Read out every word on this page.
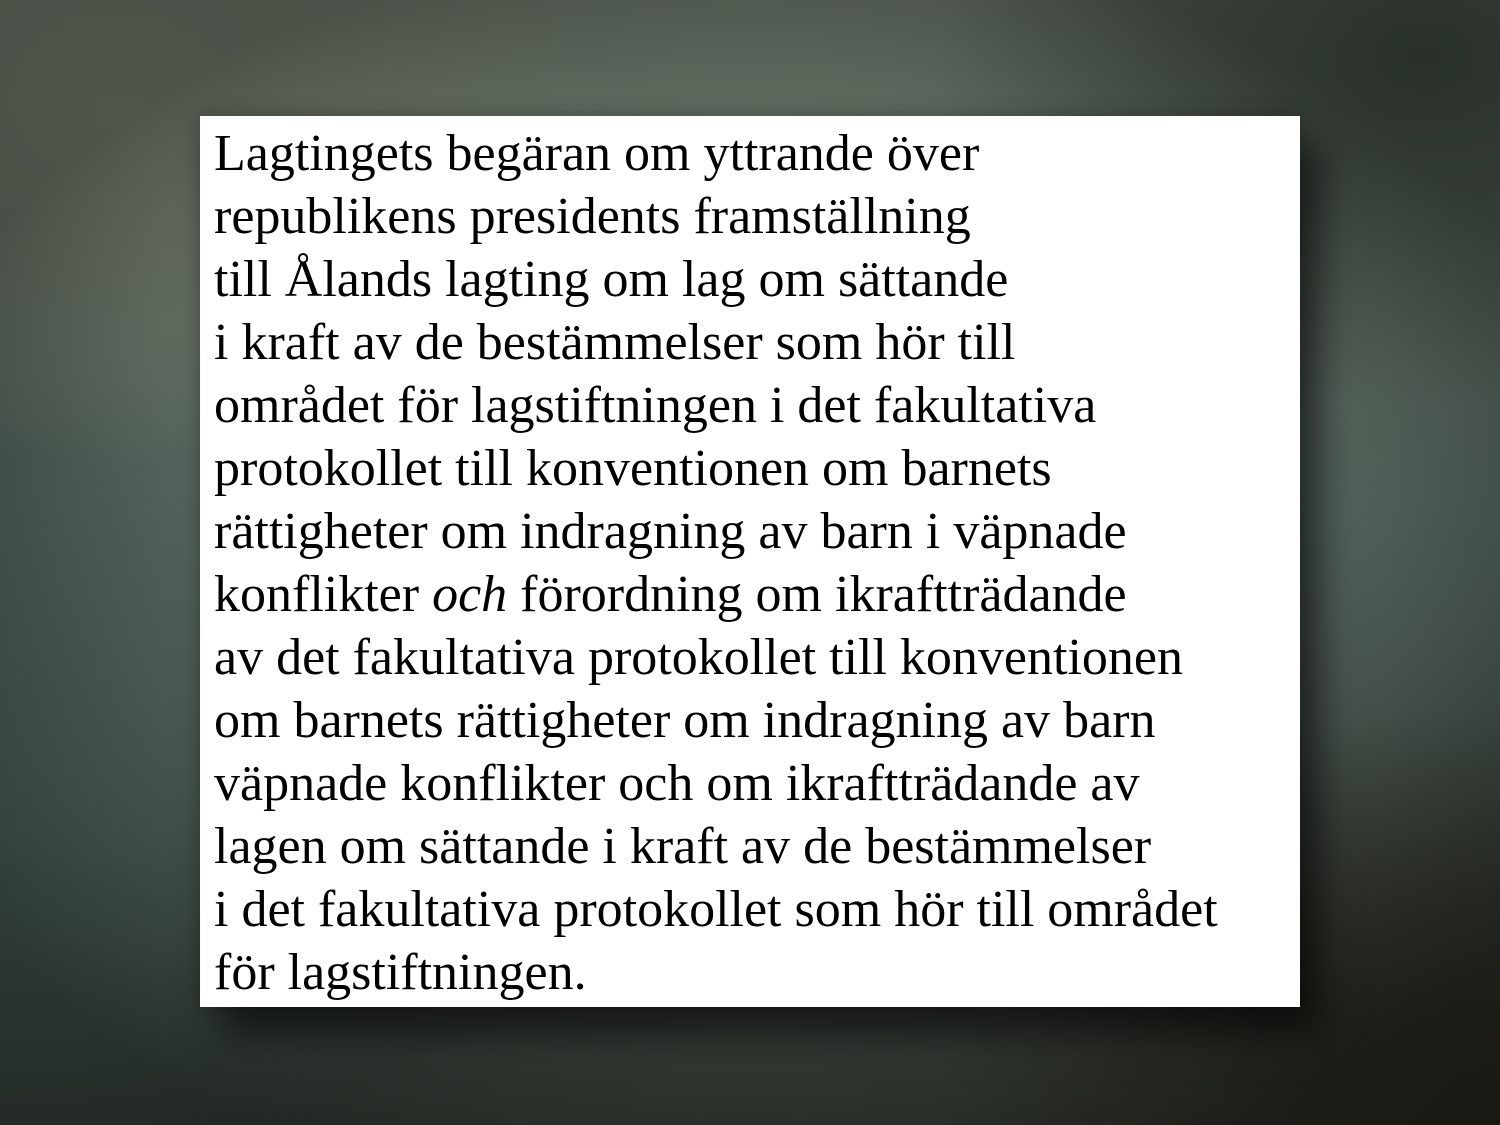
Lagtingets begäran om yttrande över
republikens presidents framställning
till Ålands lagting om lag om sättande
i kraft av de bestämmelser som hör till
området för lagstiftningen i det fakultativa
protokollet till konventionen om barnets
rättigheter om indragning av barn i väpnade
konflikter och förordning om ikraftträdande
av det fakultativa protokollet till konventionen
om barnets rättigheter om indragning av barn
väpnade konflikter och om ikraftträdande av
lagen om sättande i kraft av de bestämmelser
i det fakultativa protokollet som hör till området
för lagstiftningen.
